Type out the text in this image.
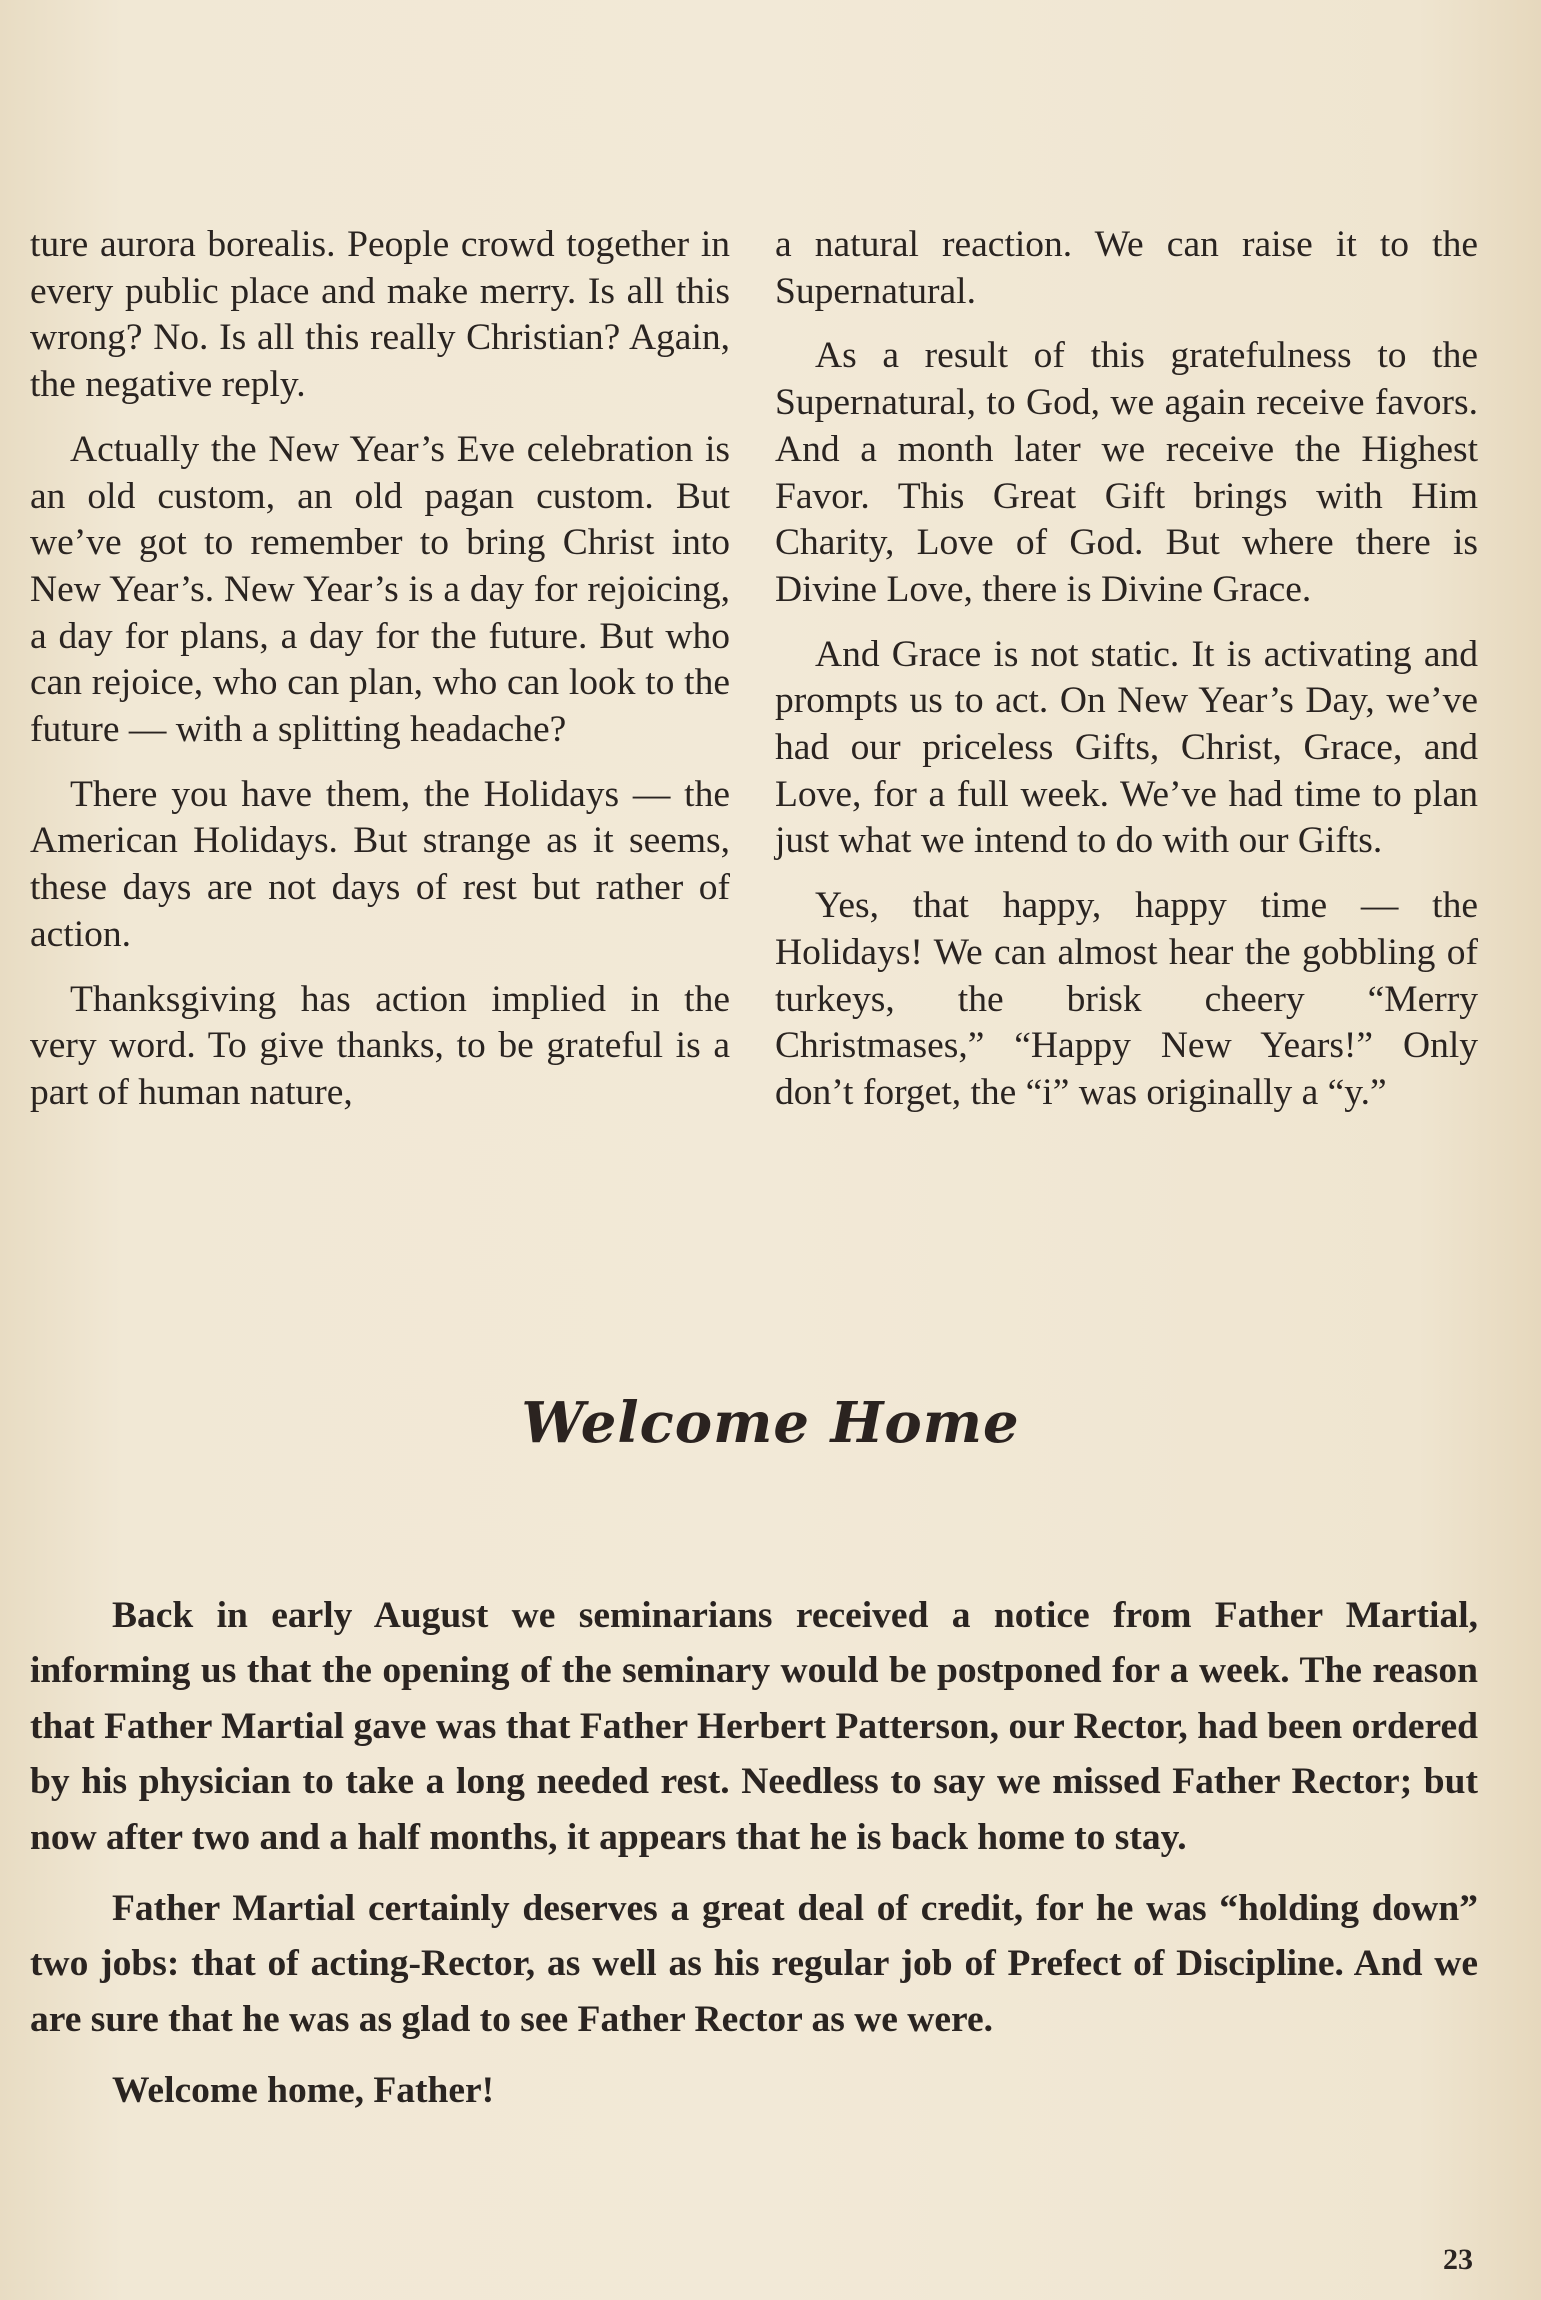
ture aurora borealis. People crowd together in every public place and make merry. Is all this wrong? No. Is all this really Christian? Again, the negative reply.

Actually the New Year’s Eve celebration is an old custom, an old pagan custom. But we’ve got to remember to bring Christ into New Year’s. New Year’s is a day for rejoicing, a day for plans, a day for the future. But who can rejoice, who can plan, who can look to the future — with a splitting headache?

There you have them, the Holidays — the American Holidays. But strange as it seems, these days are not days of rest but rather of action.

Thanksgiving has action implied in the very word. To give thanks, to be grateful is a part of human nature,

a natural reaction. We can raise it to the Supernatural.

As a result of this gratefulness to the Supernatural, to God, we again receive favors. And a month later we receive the Highest Favor. This Great Gift brings with Him Charity, Love of God. But where there is Divine Love, there is Divine Grace.

And Grace is not static. It is activating and prompts us to act. On New Year’s Day, we’ve had our priceless Gifts, Christ, Grace, and Love, for a full week. We’ve had time to plan just what we intend to do with our Gifts.

Yes, that happy, happy time — the Holidays! We can almost hear the gobbling of turkeys, the brisk cheery “Merry Christmases,” “Happy New Years!” Only don’t forget, the “i” was originally a “y.”

Welcome Home

Back in early August we seminarians received a notice from Father Martial, informing us that the opening of the seminary would be postponed for a week. The reason that Father Martial gave was that Father Herbert Patterson, our Rector, had been ordered by his physician to take a long needed rest. Needless to say we missed Father Rector; but now after two and a half months, it appears that he is back home to stay.

Father Martial certainly deserves a great deal of credit, for he was “holding down” two jobs: that of acting-Rector, as well as his regular job of Prefect of Discipline. And we are sure that he was as glad to see Father Rector as we were.

Welcome home, Father!

23
